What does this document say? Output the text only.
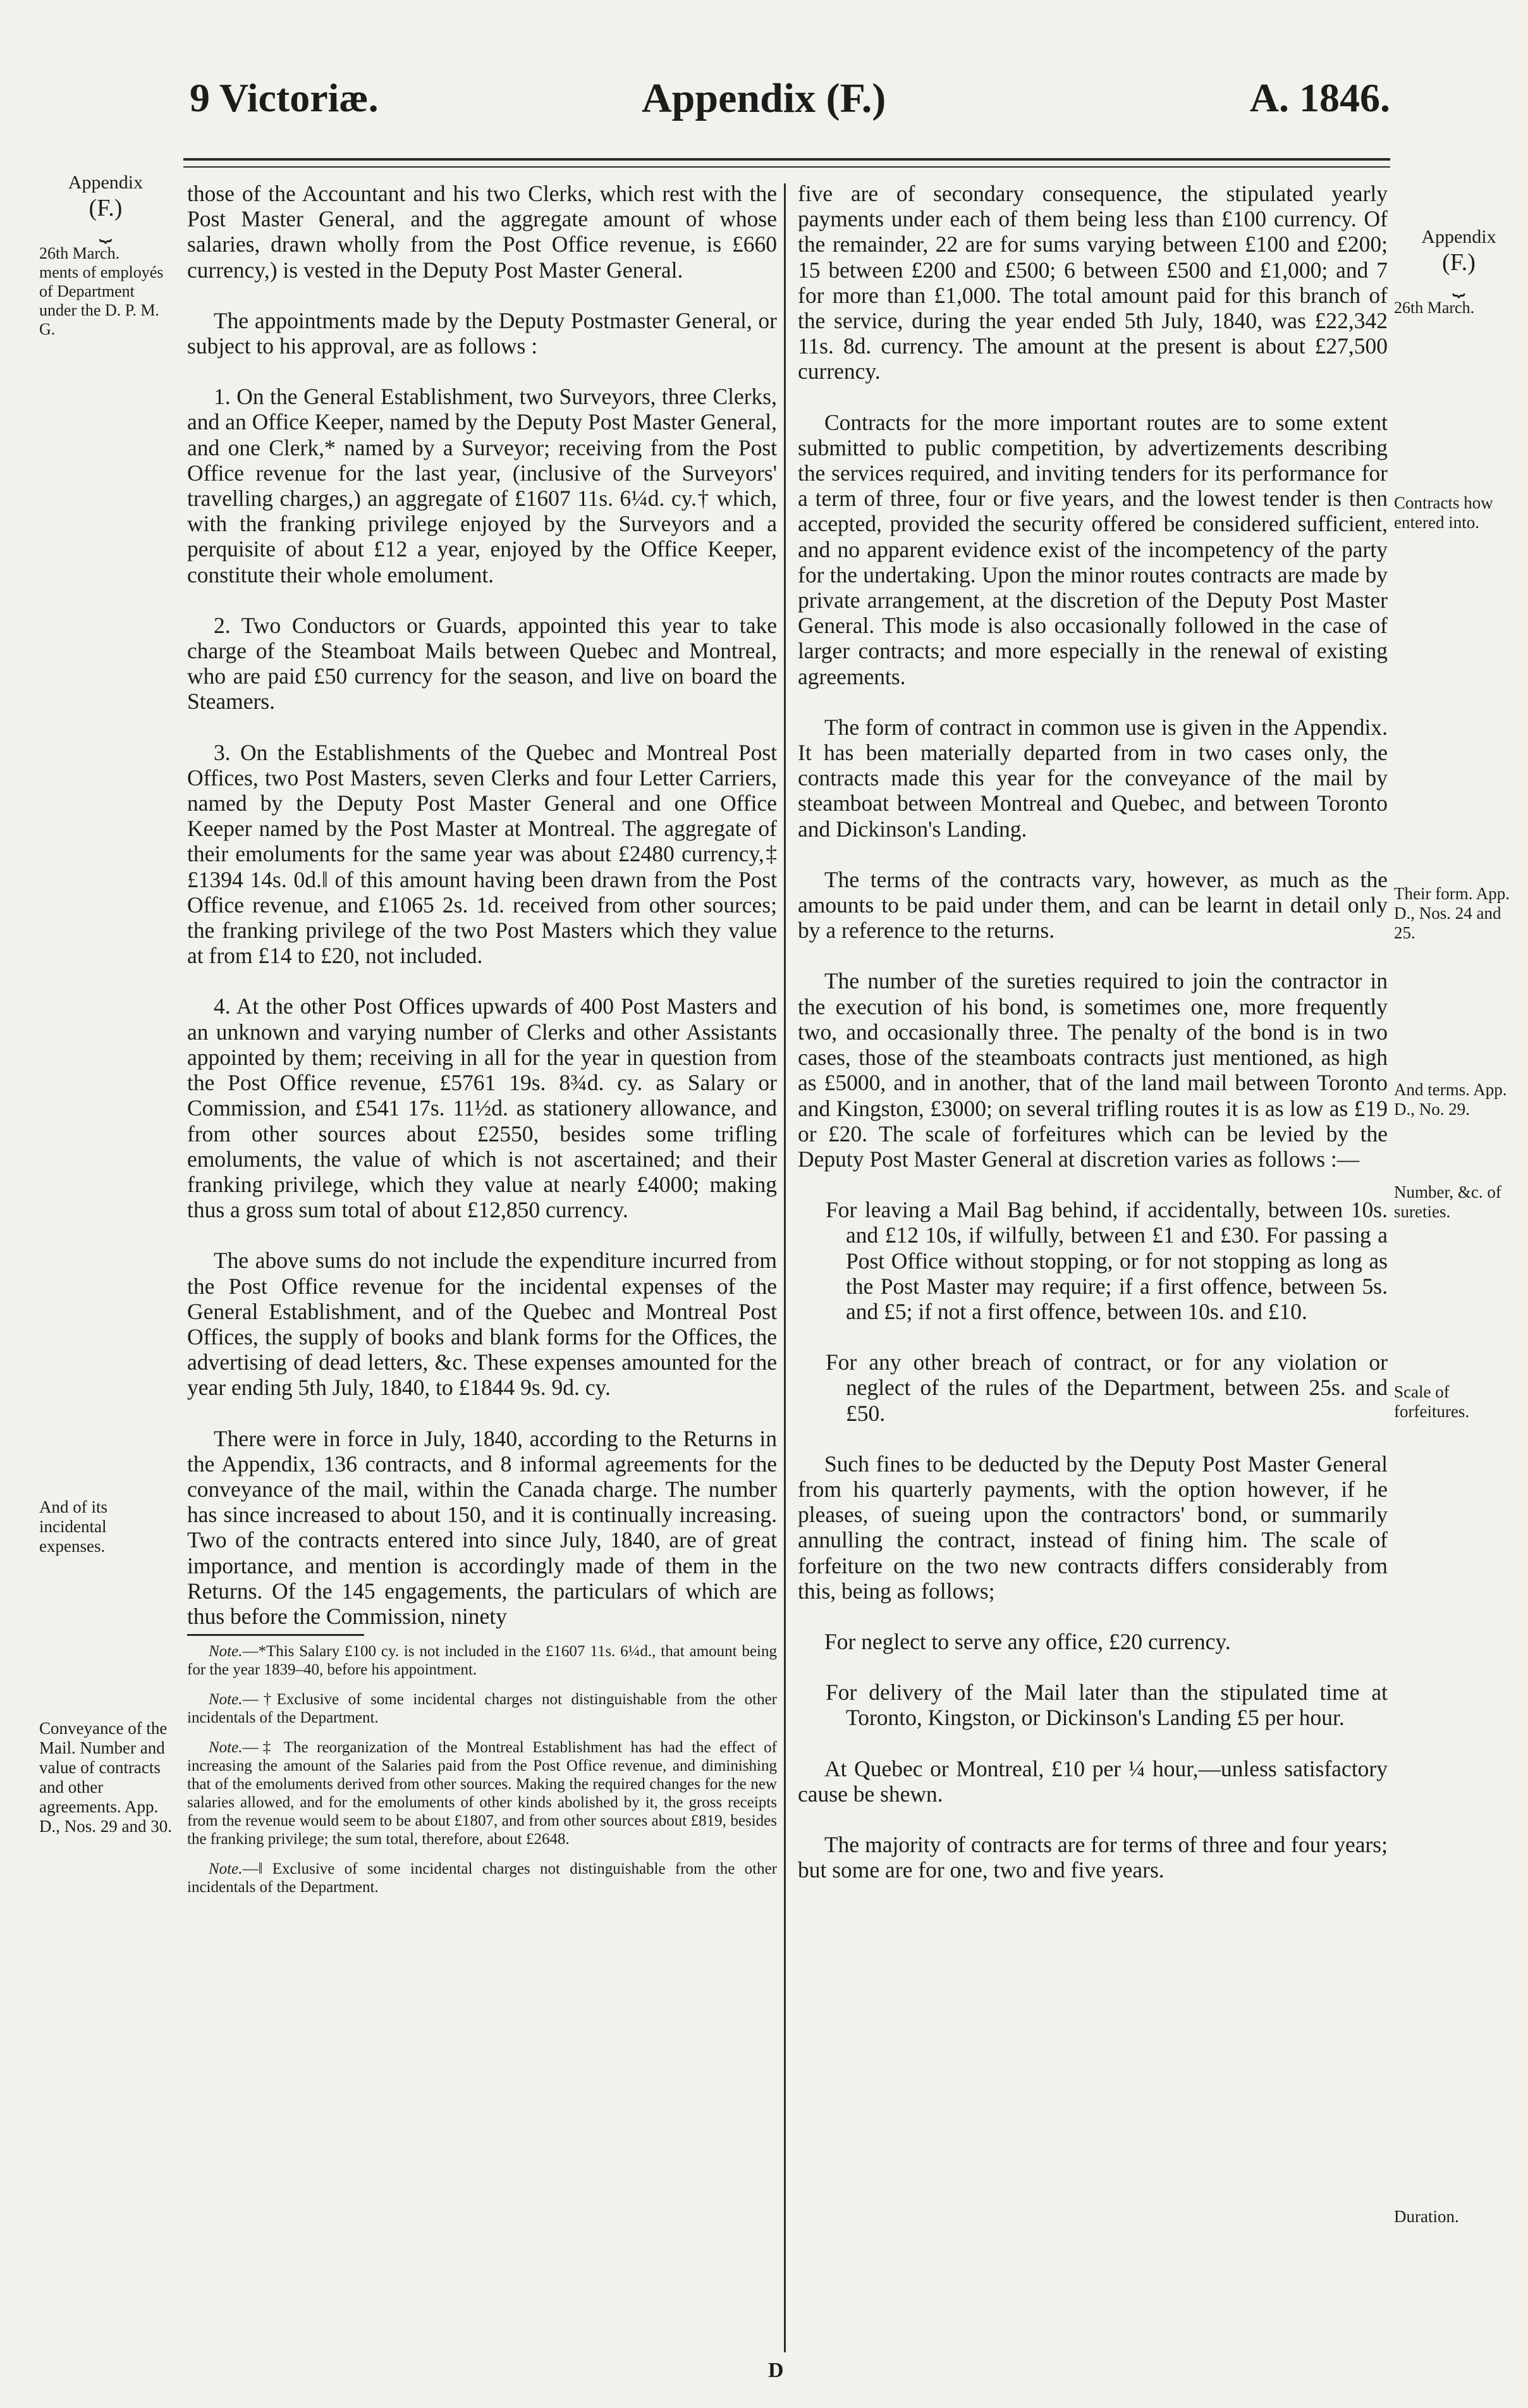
9 Victoriæ.	Appendix (F.)	A. 1846.
Appendix
(F.)
⏟
26th March.
ments of employés of Department under the D. P. M. G.
And of its incidental expenses.
Conveyance of the Mail. Number and value of contracts and other agreements. App. D., Nos. 29 and 30.
Appendix
(F.)
⏟
26th March.
Contracts how entered into.
Their form. App. D., Nos. 24 and 25.
And terms. App. D., No. 29.
Number, &c. of sureties.
Scale of forfeitures.
Duration.

those of the Accountant and his two Clerks, which rest with the Post Master General, and the aggregate amount of whose salaries, drawn wholly from the Post Office revenue, is £660 currency,) is vested in the Deputy Post Master General.

The appointments made by the Deputy Postmaster General, or subject to his approval, are as follows :

1. On the General Establishment, two Surveyors, three Clerks, and an Office Keeper, named by the Deputy Post Master General, and one Clerk,* named by a Surveyor; receiving from the Post Office revenue for the last year, (inclusive of the Surveyors' travelling charges,) an aggregate of £1607 11s. 6¼d. cy.† which, with the franking privilege enjoyed by the Surveyors and a perquisite of about £12 a year, enjoyed by the Office Keeper, constitute their whole emolument.

2. Two Conductors or Guards, appointed this year to take charge of the Steamboat Mails between Quebec and Montreal, who are paid £50 currency for the season, and live on board the Steamers.

3. On the Establishments of the Quebec and Montreal Post Offices, two Post Masters, seven Clerks and four Letter Carriers, named by the Deputy Post Master General and one Office Keeper named by the Post Master at Montreal. The aggregate of their emoluments for the same year was about £2480 currency,‡ £1394 14s. 0d.‖ of this amount having been drawn from the Post Office revenue, and £1065 2s. 1d. received from other sources; the franking privilege of the two Post Masters which they value at from £14 to £20, not included.

4. At the other Post Offices upwards of 400 Post Masters and an unknown and varying number of Clerks and other Assistants appointed by them; receiving in all for the year in question from the Post Office revenue, £5761 19s. 8¾d. cy. as Salary or Commission, and £541 17s. 11½d. as stationery allowance, and from other sources about £2550, besides some trifling emoluments, the value of which is not ascertained; and their franking privilege, which they value at nearly £4000; making thus a gross sum total of about £12,850 currency.

The above sums do not include the expenditure incurred from the Post Office revenue for the incidental expenses of the General Establishment, and of the Quebec and Montreal Post Offices, the supply of books and blank forms for the Offices, the advertising of dead letters, &c. These expenses amounted for the year ending 5th July, 1840, to £1844 9s. 9d. cy.

There were in force in July, 1840, according to the Returns in the Appendix, 136 contracts, and 8 informal agreements for the conveyance of the mail, within the Canada charge. The number has since increased to about 150, and it is continually increasing. Two of the contracts entered into since July, 1840, are of great importance, and mention is accordingly made of them in the Returns. Of the 145 engagements, the particulars of which are thus before the Commission, ninety

Note.—*This Salary £100 cy. is not included in the £1607 11s. 6¼d., that amount being for the year 1839–40, before his appointment.

Note.—†Exclusive of some incidental charges not distinguishable from the other incidentals of the Department.

Note.—‡ The reorganization of the Montreal Establishment has had the effect of increasing the amount of the Salaries paid from the Post Office revenue, and diminishing that of the emoluments derived from other sources. Making the required changes for the new salaries allowed, and for the emoluments of other kinds abolished by it, the gross receipts from the revenue would seem to be about £1807, and from other sources about £819, besides the franking privilege; the sum total, therefore, about £2648.

Note.—‖ Exclusive of some incidental charges not distinguishable from the other incidentals of the Department.

five are of secondary consequence, the stipulated yearly payments under each of them being less than £100 currency. Of the remainder, 22 are for sums varying between £100 and £200; 15 between £200 and £500; 6 between £500 and £1,000; and 7 for more than £1,000. The total amount paid for this branch of the service, during the year ended 5th July, 1840, was £22,342 11s. 8d. currency. The amount at the present is about £27,500 currency.

Contracts for the more important routes are to some extent submitted to public competition, by advertizements describing the services required, and inviting tenders for its performance for a term of three, four or five years, and the lowest tender is then accepted, provided the security offered be considered sufficient, and no apparent evidence exist of the incompetency of the party for the undertaking. Upon the minor routes contracts are made by private arrangement, at the discretion of the Deputy Post Master General. This mode is also occasionally followed in the case of larger contracts; and more especially in the renewal of existing agreements.

The form of contract in common use is given in the Appendix. It has been materially departed from in two cases only, the contracts made this year for the conveyance of the mail by steamboat between Montreal and Quebec, and between Toronto and Dickinson's Landing.

The terms of the contracts vary, however, as much as the amounts to be paid under them, and can be learnt in detail only by a reference to the returns.

The number of the sureties required to join the contractor in the execution of his bond, is sometimes one, more frequently two, and occasionally three. The penalty of the bond is in two cases, those of the steamboats contracts just mentioned, as high as £5000, and in another, that of the land mail between Toronto and Kingston, £3000; on several trifling routes it is as low as £19 or £20. The scale of forfeitures which can be levied by the Deputy Post Master General at discretion varies as follows :—

For leaving a Mail Bag behind, if accidentally, between 10s. and £12 10s, if wilfully, between £1 and £30. For passing a Post Office without stopping, or for not stopping as long as the Post Master may require; if a first offence, between 5s. and £5; if not a first offence, between 10s. and £10.

For any other breach of contract, or for any violation or neglect of the rules of the Department, between 25s. and £50.

Such fines to be deducted by the Deputy Post Master General from his quarterly payments, with the option however, if he pleases, of sueing upon the contractors' bond, or summarily annulling the contract, instead of fining him. The scale of forfeiture on the two new contracts differs considerably from this, being as follows;

For neglect to serve any office, £20 currency.

For delivery of the Mail later than the stipulated time at Toronto, Kingston, or Dickinson's Landing £5 per hour.

At Quebec or Montreal, £10 per ¼ hour,—unless satisfactory cause be shewn.

The majority of contracts are for terms of three and four years; but some are for one, two and five years.

D
